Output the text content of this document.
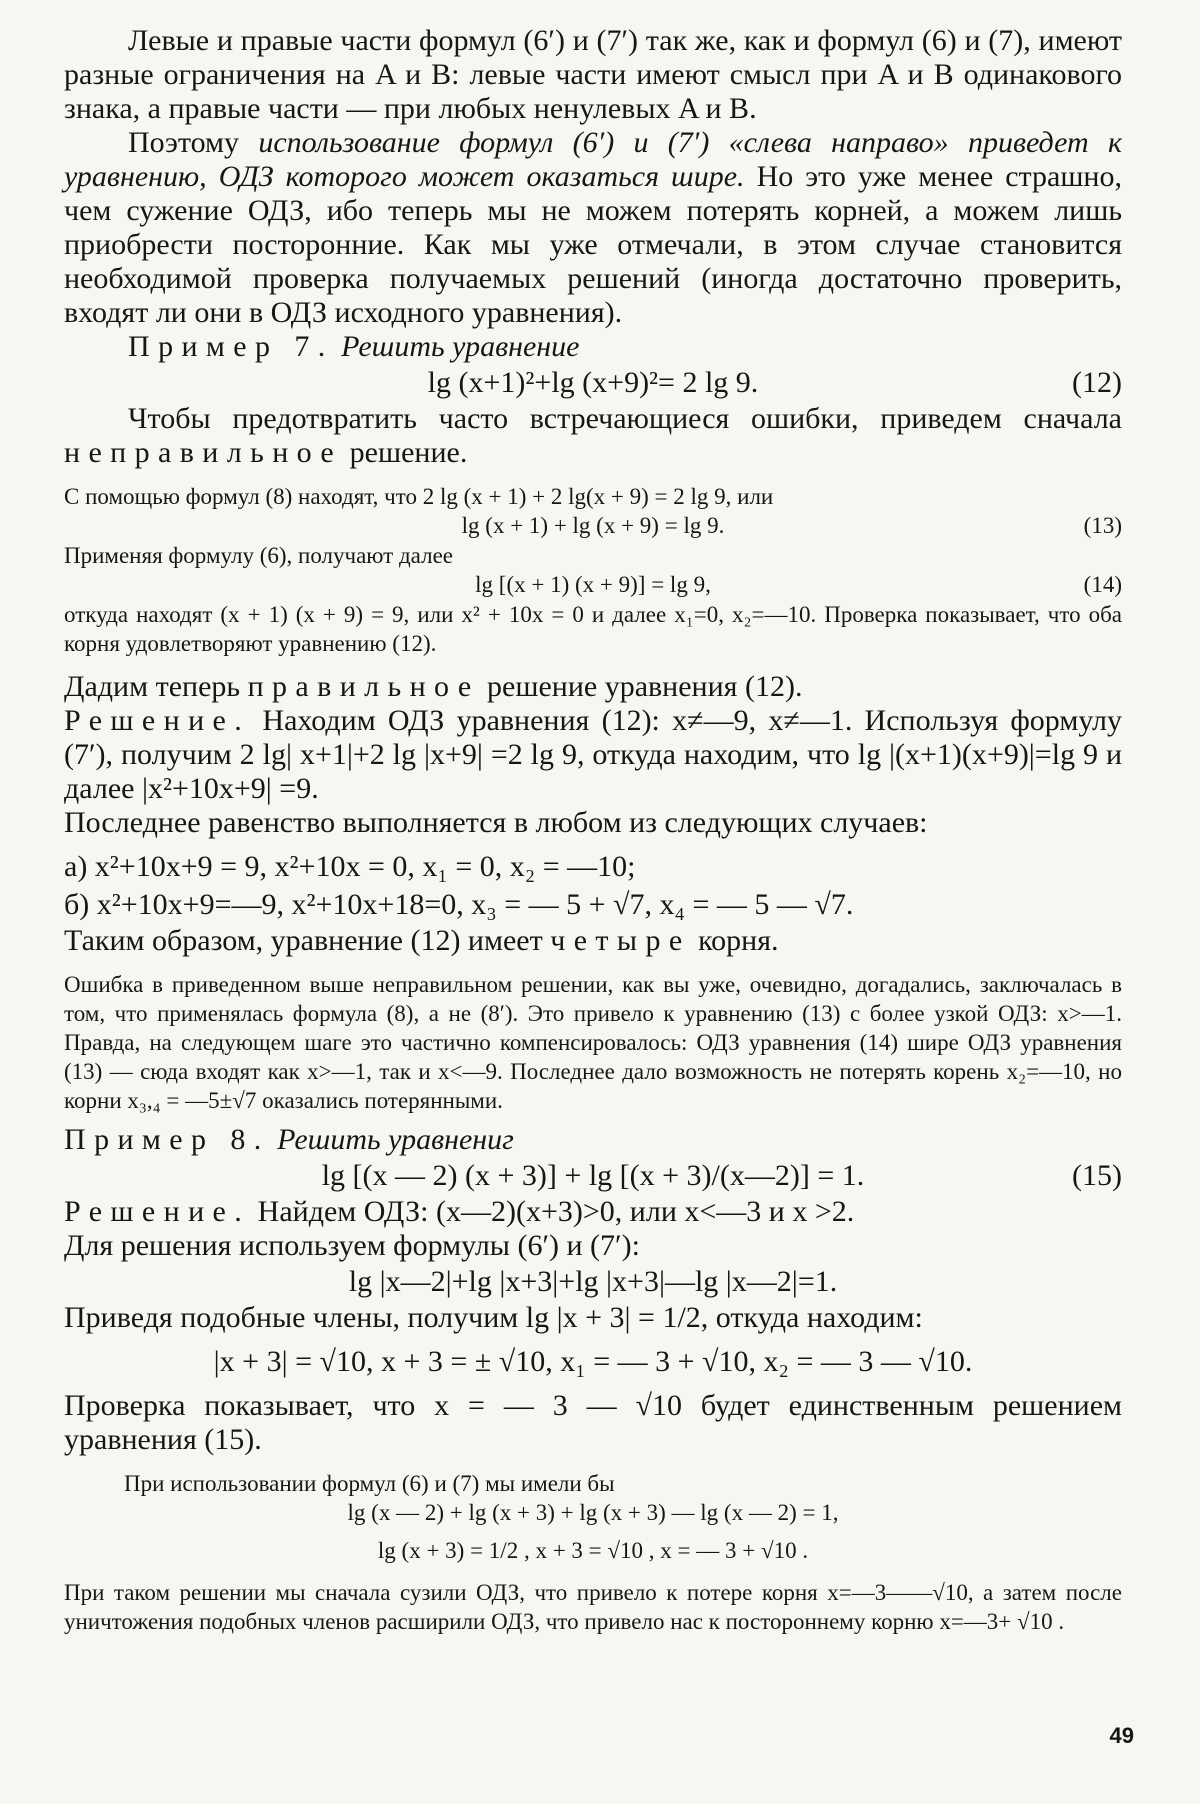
Левые и правые части формул (6′) и (7′) так же, как и формул (6) и (7), имеют разные ограничения на A и B: левые части имеют смысл при A и B одинакового знака, а правые части — при любых ненулевых A и B.

Поэтому использование формул (6′) и (7′) «слева направо» приведет к уравнению, ОДЗ которого может оказаться шире. Но это уже менее страшно, чем сужение ОДЗ, ибо теперь мы не можем потерять корней, а можем лишь приобрести посторонние. Как мы уже отмечали, в этом случае становится необходимой проверка получаемых решений (иногда достаточно проверить, входят ли они в ОДЗ исходного уравнения).

Пример 7. Решить уравнение

lg (x+1)²+lg (x+9)²= 2 lg 9.	(12)

Чтобы предотвратить часто встречающиеся ошибки, приведем сначала неправильное решение.

С помощью формул (8) находят, что 2 lg (x + 1) + 2 lg(x + 9) = 2 lg 9, или

lg (x + 1) + lg (x + 9) = lg 9.	(13)

Применяя формулу (6), получают далее

lg [(x + 1) (x + 9)] = lg 9,	(14)

откуда находят (x + 1) (x + 9) = 9, или x² + 10x = 0 и далее x₁=0, x₂=—10. Проверка показывает, что оба корня удовлетворяют уравнению (12).

Дадим теперь правильное решение уравнения (12).

Решение. Находим ОДЗ уравнения (12): x≠—9, x≠—1. Используя формулу (7′), получим 2 lg| x+1|+2 lg |x+9| =2 lg 9, откуда находим, что lg |(x+1)(x+9)|=lg 9 и далее |x²+10x+9| =9.

Последнее равенство выполняется в любом из следующих случаев:

а) x²+10x+9 = 9, x²+10x = 0, x₁ = 0, x₂ = —10;
б) x²+10x+9=—9, x²+10x+18=0, x₃ = — 5 + √7, x₄ = — 5 — √7.

Таким образом, уравнение (12) имеет четыре корня.

Ошибка в приведенном выше неправильном решении, как вы уже, очевидно, догадались, заключалась в том, что применялась формула (8), а не (8′). Это привело к уравнению (13) с более узкой ОДЗ: x>—1. Правда, на следующем шаге это частично компенсировалось: ОДЗ уравнения (14) шире ОДЗ уравнения (13) — сюда входят как x>—1, так и x<—9. Последнее дало возможность не потерять корень x₂=—10, но корни x₃,₄ = —5±√7 оказались потерянными.

Пример 8. Решить уравнениг

lg [(x — 2) (x + 3)] + lg [(x + 3)/(x—2)] = 1.	(15)

Решение. Найдем ОДЗ: (x—2)(x+3)>0, или x<—3 и x >2.

Для решения используем формулы (6′) и (7′):

lg |x—2|+lg |x+3|+lg |x+3|—lg |x—2|=1.

Приведя подобные члены, получим lg |x + 3| = 1/2, откуда находим:

|x + 3| = √10, x + 3 = ± √10, x₁ = — 3 + √10, x₂ = — 3 — √10.

Проверка показывает, что x = — 3 — √10 будет единственным решением уравнения (15).

При использовании формул (6) и (7) мы имели бы

lg (x — 2) + lg (x + 3) + lg (x + 3) — lg (x — 2) = 1,
lg (x + 3) = 1/2 , x + 3 = √10 , x = — 3 + √10 .

При таком решении мы сначала сузили ОДЗ, что привело к потере корня x=—3——√10, а затем после уничтожения подобных членов расширили ОДЗ, что привело нас к постороннему корню x=—3+ √10 .

49
